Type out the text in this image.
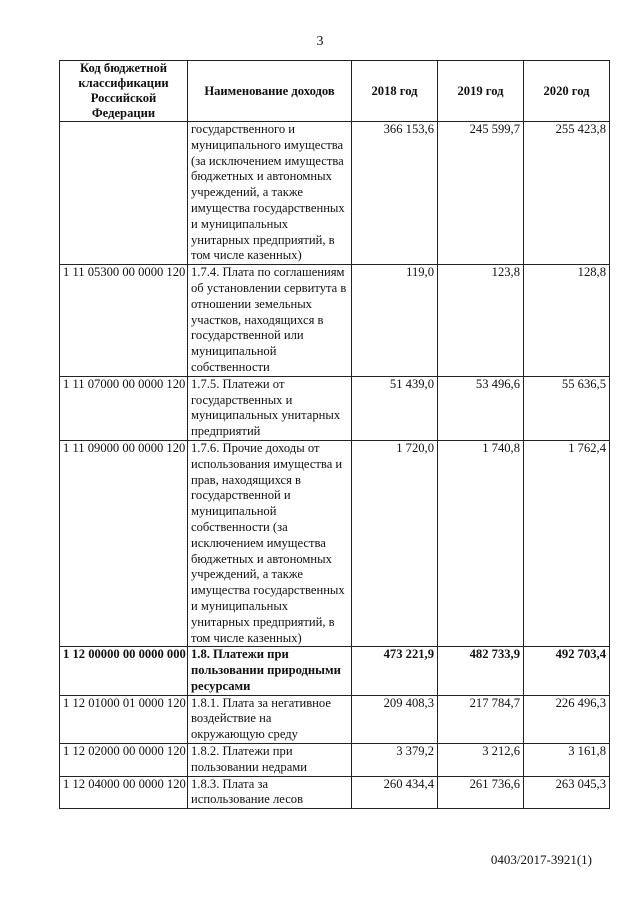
3
Код бюджетной классификации Российской Федерации	Наименование доходов	2018 год	2019 год	2020 год
	государственного и муниципального имущества (за исключением имущества бюджетных и автономных учреждений, а также имущества государственных и муниципальных унитарных предприятий, в том числе казенных)	366 153,6	245 599,7	255 423,8
1 11 05300 00 0000 120	1.7.4. Плата по соглашениям об установлении сервитута в отношении земельных участков, находящихся в государственной или муниципальной собственности	119,0	123,8	128,8
1 11 07000 00 0000 120	1.7.5. Платежи от государственных и муниципальных унитарных предприятий	51 439,0	53 496,6	55 636,5
1 11 09000 00 0000 120	1.7.6. Прочие доходы от использования имущества и прав, находящихся в государственной и муниципальной собственности (за исключением имущества бюджетных и автономных учреждений, а также имущества государственных и муниципальных унитарных предприятий, в том числе казенных)	1 720,0	1 740,8	1 762,4
1 12 00000 00 0000 000	1.8. Платежи при пользовании природными ресурсами	473 221,9	482 733,9	492 703,4
1 12 01000 01 0000 120	1.8.1. Плата за негативное воздействие на окружающую среду	209 408,3	217 784,7	226 496,3
1 12 02000 00 0000 120	1.8.2. Платежи при пользовании недрами	3 379,2	3 212,6	3 161,8
1 12 04000 00 0000 120	1.8.3. Плата за использование лесов	260 434,4	261 736,6	263 045,3
0403/2017-3921(1)
